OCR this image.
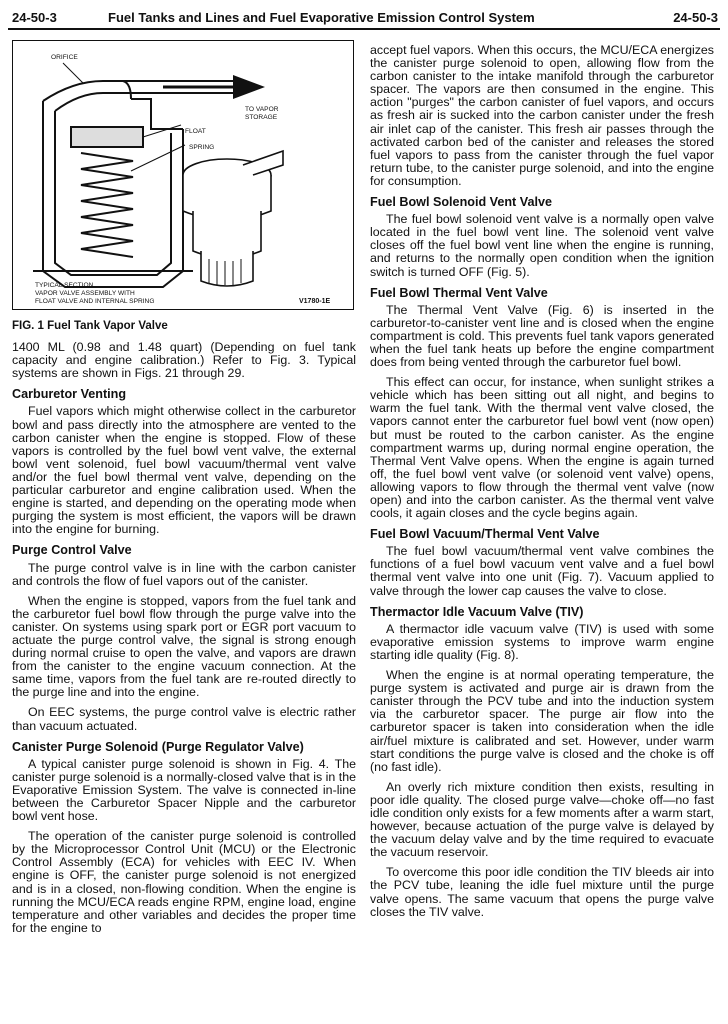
24-50-3	Fuel Tanks and Lines and Fuel Evaporative Emission Control System	24-50-3
ORIFICE
TO VAPOR
STORAGE
FLOAT
SPRING
TYPICAL SECTION
VAPOR VALVE ASSEMBLY WITH
FLOAT VALVE AND INTERNAL SPRING	V1780-1E
FIG. 1 Fuel Tank Vapor Valve

1400 ML (0.98 and 1.48 quart) (Depending on fuel tank capacity and engine calibration.) Refer to Fig. 3. Typical systems are shown in Figs. 21 through 29.

Carburetor Venting

Fuel vapors which might otherwise collect in the carburetor bowl and pass directly into the atmosphere are vented to the carbon canister when the engine is stopped. Flow of these vapors is controlled by the fuel bowl vent valve, the external bowl vent solenoid, fuel bowl vacuum/thermal vent valve and/or the fuel bowl thermal vent valve, depending on the particular carburetor and engine calibration used. When the engine is started, and depending on the operating mode when purging the system is most efficient, the vapors will be drawn into the engine for burning.

Purge Control Valve

The purge control valve is in line with the carbon canister and controls the flow of fuel vapors out of the canister.

When the engine is stopped, vapors from the fuel tank and the carburetor fuel bowl flow through the purge valve into the canister. On systems using spark port or EGR port vacuum to actuate the purge control valve, the signal is strong enough during normal cruise to open the valve, and vapors are drawn from the canister to the engine vacuum connection. At the same time, vapors from the fuel tank are re-routed directly to the purge line and into the engine.

On EEC systems, the purge control valve is electric rather than vacuum actuated.

Canister Purge Solenoid (Purge Regulator Valve)

A typical canister purge solenoid is shown in Fig. 4. The canister purge solenoid is a normally-closed valve that is in the Evaporative Emission System. The valve is connected in-line between the Carburetor Spacer Nipple and the carburetor bowl vent hose.

The operation of the canister purge solenoid is controlled by the Microprocessor Control Unit (MCU) or the Electronic Control Assembly (ECA) for vehicles with EEC IV. When engine is OFF, the canister purge solenoid is not energized and is in a closed, non-flowing condition. When the engine is running the MCU/ECA reads engine RPM, engine load, engine temperature and other variables and decides the proper time for the engine to

accept fuel vapors. When this occurs, the MCU/ECA energizes the canister purge solenoid to open, allowing flow from the carbon canister to the intake manifold through the carburetor spacer. The vapors are then consumed in the engine. This action "purges" the carbon canister of fuel vapors, and occurs as fresh air is sucked into the carbon canister under the fresh air inlet cap of the canister. This fresh air passes through the activated carbon bed of the canister and releases the stored fuel vapors to pass from the canister through the fuel vapor return tube, to the canister purge solenoid, and into the engine for consumption.

Fuel Bowl Solenoid Vent Valve

The fuel bowl solenoid vent valve is a normally open valve located in the fuel bowl vent line. The solenoid vent valve closes off the fuel bowl vent line when the engine is running, and returns to the normally open condition when the ignition switch is turned OFF (Fig. 5).

Fuel Bowl Thermal Vent Valve

The Thermal Vent Valve (Fig. 6) is inserted in the carburetor-to-canister vent line and is closed when the engine compartment is cold. This prevents fuel tank vapors generated when the fuel tank heats up before the engine compartment does from being vented through the carburetor fuel bowl.

This effect can occur, for instance, when sunlight strikes a vehicle which has been sitting out all night, and begins to warm the fuel tank. With the thermal vent valve closed, the vapors cannot enter the carburetor fuel bowl vent (now open) but must be routed to the carbon canister. As the engine compartment warms up, during normal engine operation, the Thermal Vent Valve opens. When the engine is again turned off, the fuel bowl vent valve (or solenoid vent valve) opens, allowing vapors to flow through the thermal vent valve (now open) and into the carbon canister. As the thermal vent valve cools, it again closes and the cycle begins again.

Fuel Bowl Vacuum/Thermal Vent Valve

The fuel bowl vacuum/thermal vent valve combines the functions of a fuel bowl vacuum vent valve and a fuel bowl thermal vent valve into one unit (Fig. 7). Vacuum applied to valve through the lower cap causes the valve to close.

Thermactor Idle Vacuum Valve (TIV)

A thermactor idle vacuum valve (TIV) is used with some evaporative emission systems to improve warm engine starting idle quality (Fig. 8).

When the engine is at normal operating temperature, the purge system is activated and purge air is drawn from the canister through the PCV tube and into the induction system via the carburetor spacer. The purge air flow into the carburetor spacer is taken into consideration when the idle air/fuel mixture is calibrated and set. However, under warm start conditions the purge valve is closed and the choke is off (no fast idle).

An overly rich mixture condition then exists, resulting in poor idle quality. The closed purge valve—choke off—no fast idle condition only exists for a few moments after a warm start, however, because actuation of the purge valve is delayed by the vacuum delay valve and by the time required to evacuate the vacuum reservoir.

To overcome this poor idle condition the TIV bleeds air into the PCV tube, leaning the idle fuel mixture until the purge valve opens. The same vacuum that opens the purge valve closes the TIV valve.
